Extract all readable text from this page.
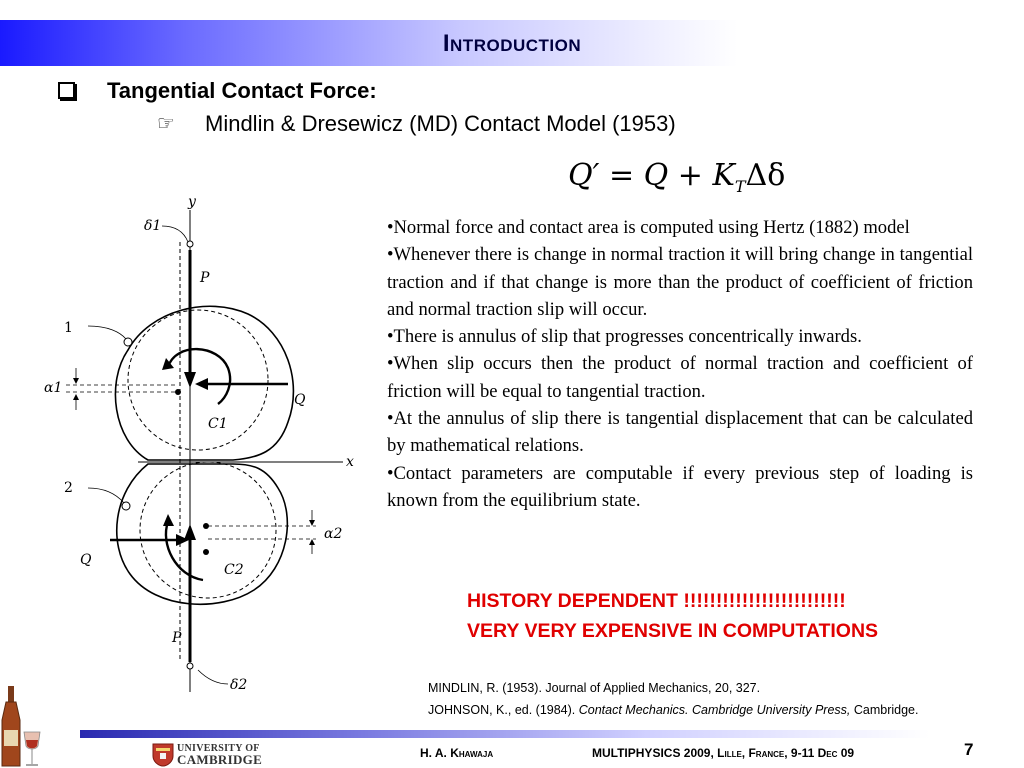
Introduction
Tangential Contact Force:
☞ Mindlin & Dresewicz (MD) Contact Model (1953)
$Q' = Q + K_T\Delta\delta$
y
x
δ1
δ2
P
P
Q
Q
C1
C2
α1
α2
1
2

•Normal force and contact area is computed using Hertz (1882) model

•Whenever there is change in normal traction it will bring change in tangential traction and if that change is more than the product of coefficient of friction and normal traction slip will occur.

•There is annulus of slip that progresses concentrically inwards.

•When slip occurs then the product of normal traction and coefficient of friction will be equal to tangential traction.

•At the annulus of slip there is tangential displacement that can be calculated by mathematical relations.

•Contact parameters are computable if every previous step of loading is known from the equilibrium state.

HISTORY DEPENDENT !!!!!!!!!!!!!!!!!!!!!!!!!
VERY VERY EXPENSIVE IN COMPUTATIONS
MINDLIN, R. (1953). Journal of Applied Mechanics, 20, 327.
JOHNSON, K., ed. (1984). Contact Mechanics. Cambridge University Press, Cambridge.
UNIVERSITY OF
CAMBRIDGE	H. A. Khawaja	MULTIPHYSICS 2009, Lille, France, 9-11 Dec 09	7
